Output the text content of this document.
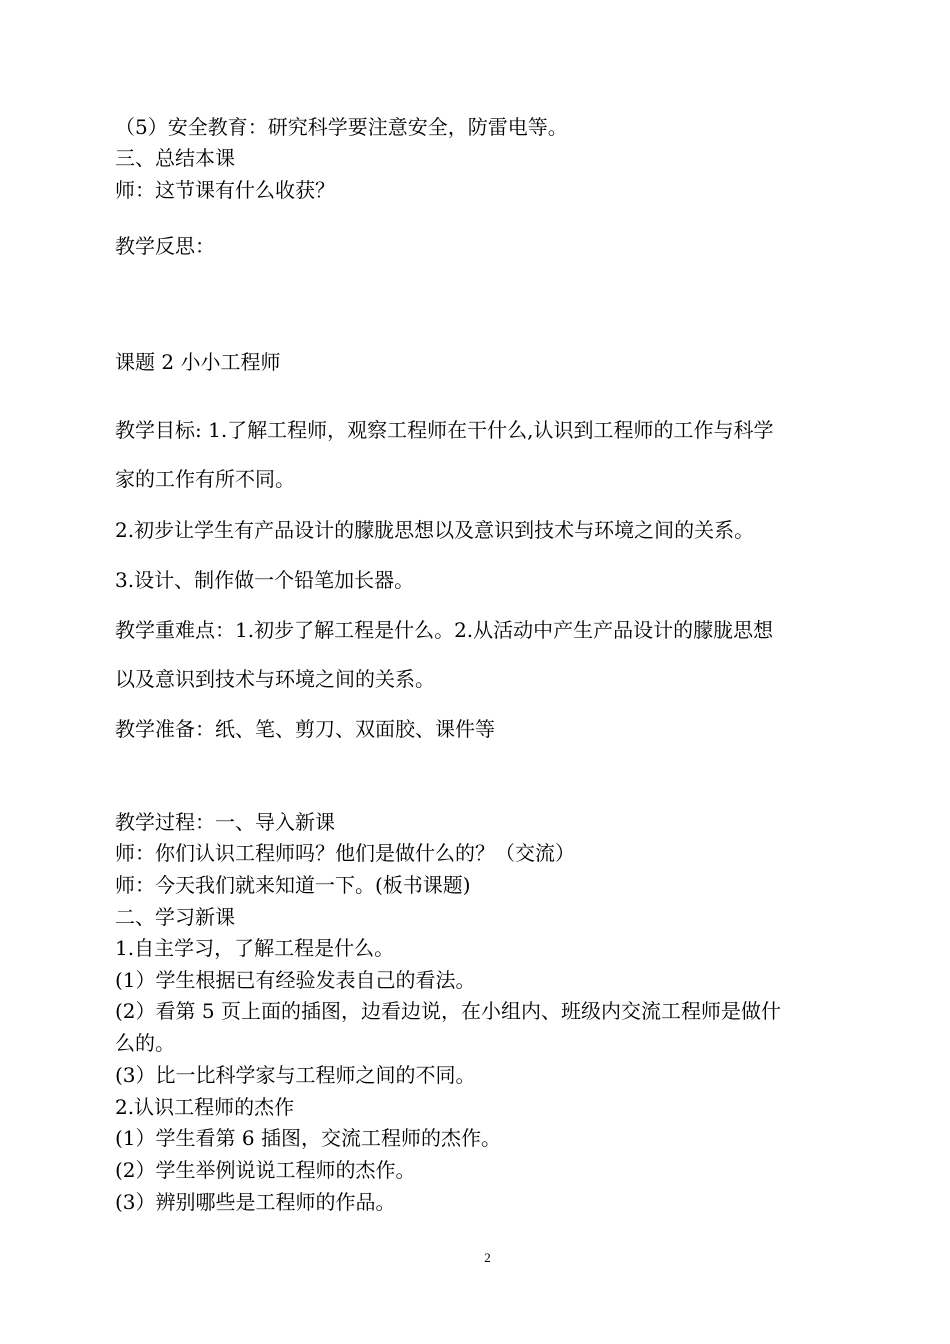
（5）安全教育：研究科学要注意安全，防雷电等。
三、总结本课
师：这节课有什么收获？
教学反思：
课题 2 小小工程师
教学目标: 1.了解工程师，观察工程师在干什么,认识到工程师的工作与科学
家的工作有所不同。
2.初步让学生有产品设计的朦胧思想以及意识到技术与环境之间的关系。
3.设计、制作做一个铅笔加长器。
教学重难点：1.初步了解工程是什么。2.从活动中产生产品设计的朦胧思想
以及意识到技术与环境之间的关系。
教学准备：纸、笔、剪刀、双面胶、课件等
教学过程：一、导入新课
师：你们认识工程师吗？他们是做什么的？（交流）
师：今天我们就来知道一下。(板书课题)
二、学习新课
1.自主学习，了解工程是什么。
(1）学生根据已有经验发表自己的看法。
(2）看第 5 页上面的插图，边看边说，在小组内、班级内交流工程师是做什
么的。
(3）比一比科学家与工程师之间的不同。
2.认识工程师的杰作
(1）学生看第 6 插图，交流工程师的杰作。
(2）学生举例说说工程师的杰作。
(3）辨别哪些是工程师的作品。
2
